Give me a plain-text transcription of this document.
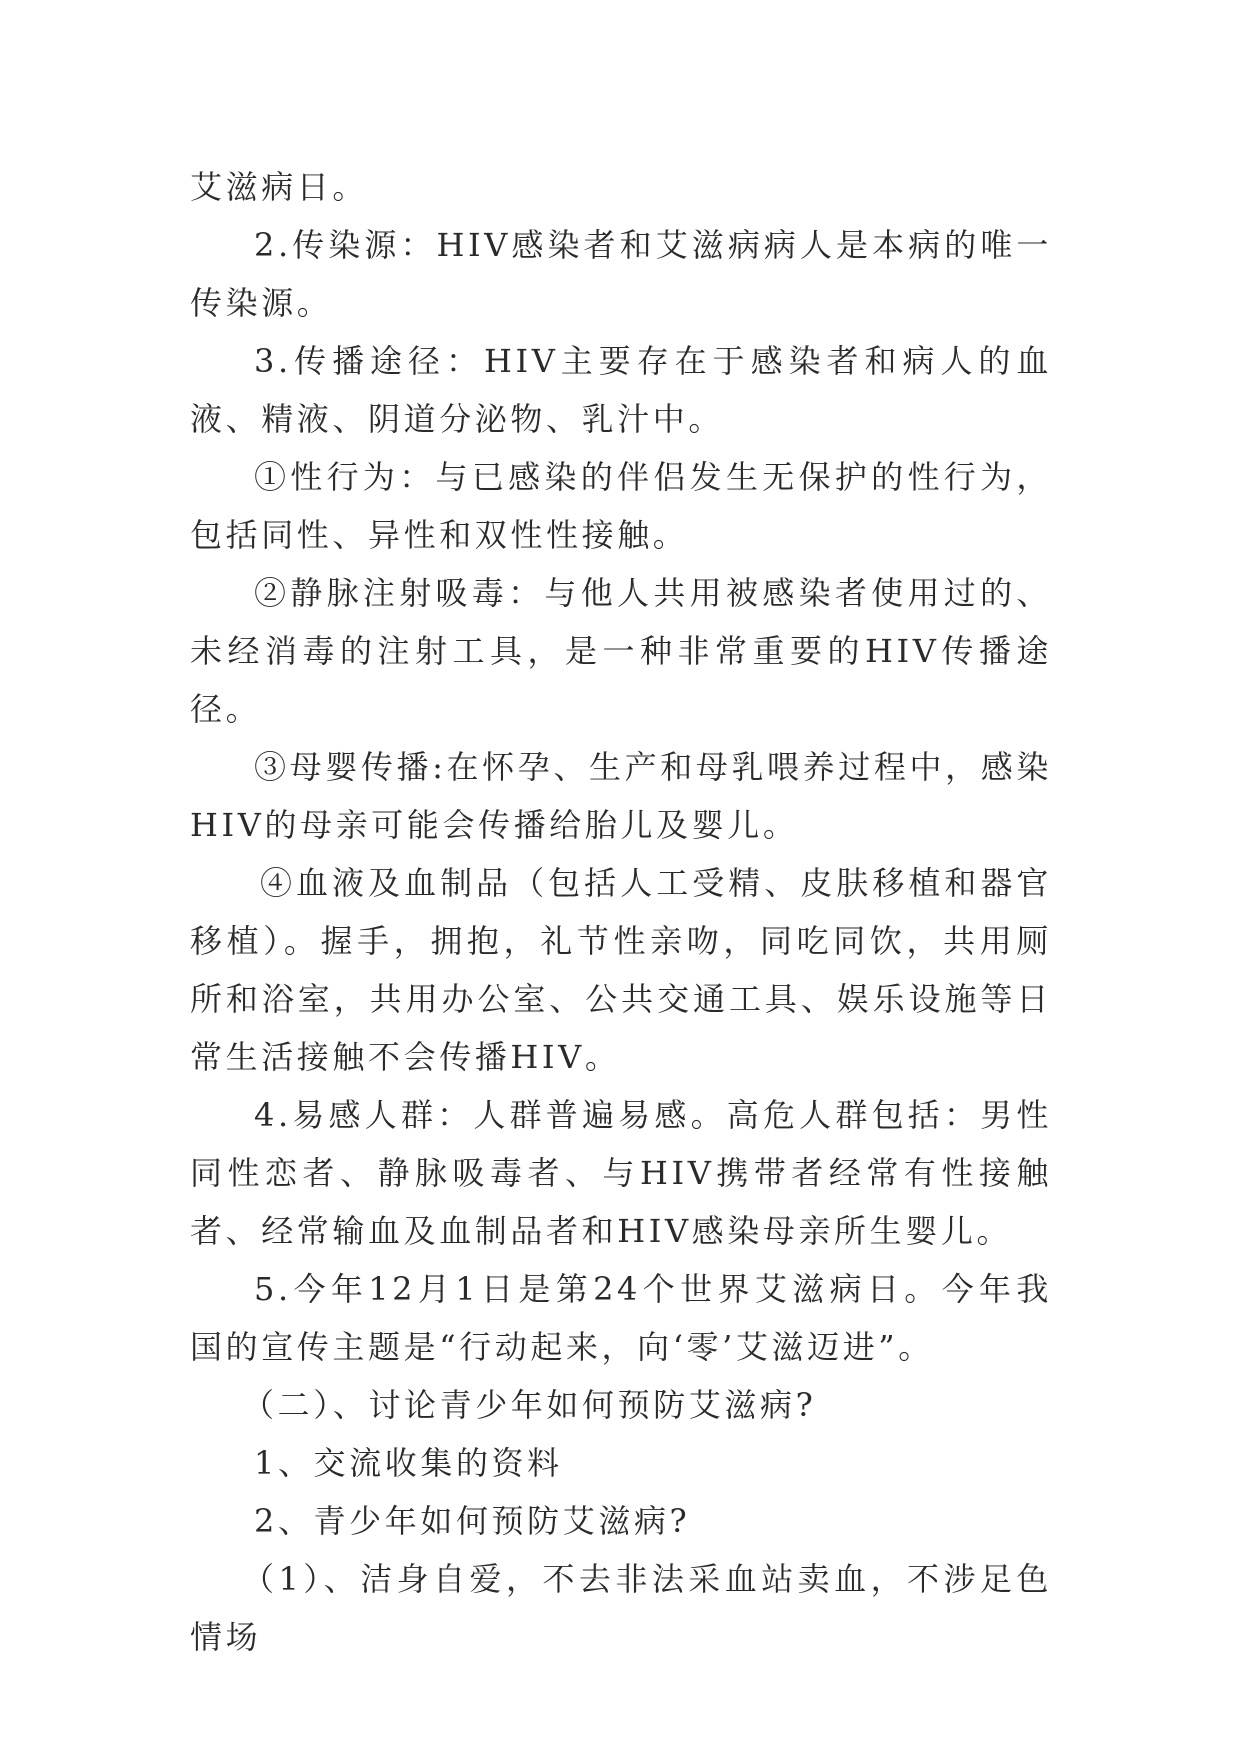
艾滋病日。

2.传染源：HIV感染者和艾滋病病人是本病的唯一传染源。

3.传播途径：HIV主要存在于感染者和病人的血液、精液、阴道分泌物、乳汁中。

①性行为：与已感染的伴侣发生无保护的性行为，包括同性、异性和双性性接触。

②静脉注射吸毒：与他人共用被感染者使用过的、未经消毒的注射工具，是一种非常重要的HIV传播途径。

③母婴传播:在怀孕、生产和母乳喂养过程中，感染HIV的母亲可能会传播给胎儿及婴儿。

④血液及血制品（包括人工受精、皮肤移植和器官移植）。握手，拥抱，礼节性亲吻，同吃同饮，共用厕所和浴室，共用办公室、公共交通工具、娱乐设施等日常生活接触不会传播HIV。

4.易感人群：人群普遍易感。高危人群包括：男性同性恋者、静脉吸毒者、与HIV携带者经常有性接触者、经常输血及血制品者和HIV感染母亲所生婴儿。

5.今年12月1日是第24个世界艾滋病日。今年我国的宣传主题是“行动起来，向‘零’艾滋迈进”。

（二）、讨论青少年如何预防艾滋病?

1、交流收集的资料

2、青少年如何预防艾滋病?

（1）、洁身自爱，不去非法采血站卖血，不涉足色情场
